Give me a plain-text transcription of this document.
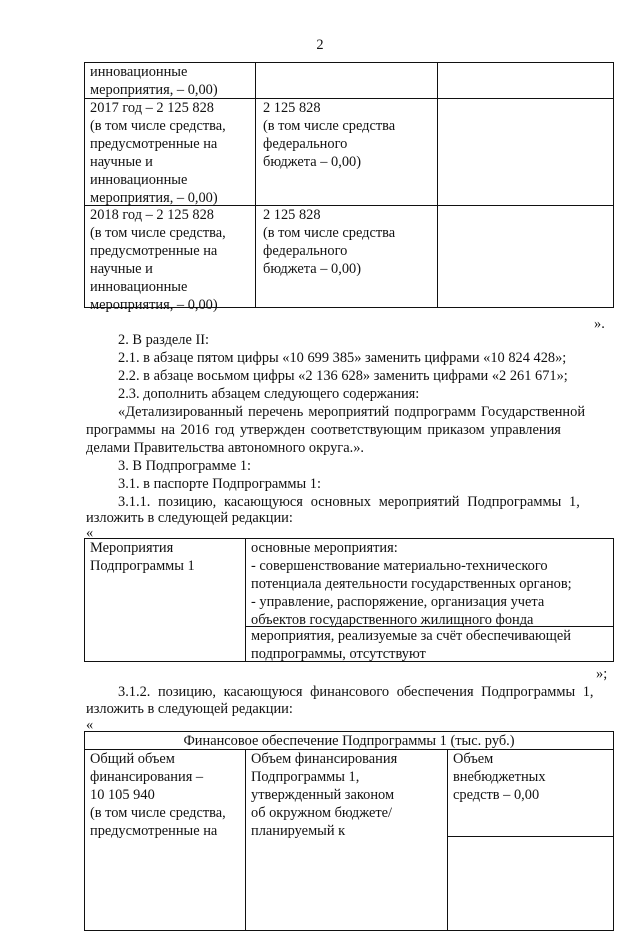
2
инновационные
мероприятия, – 0,00)
2017 год – 2 125 828
(в том числе средства,
предусмотренные на
научные и
инновационные
мероприятия, – 0,00)
2 125 828
(в том числе средства
федерального
бюджета – 0,00)
2018 год – 2 125 828
(в том числе средства,
предусмотренные на
научные и
инновационные
мероприятия, – 0,00)
2 125 828
(в том числе средства
федерального
бюджета – 0,00)
».
2. В разделе II:
2.1. в абзаце пятом цифры «10 699 385» заменить цифрами «10 824 428»;
2.2. в абзаце восьмом цифры «2 136 628» заменить цифрами «2 261 671»;
2.3. дополнить абзацем следующего содержания:
«Детализированный перечень мероприятий подпрограмм Государственной
программы на 2016 год утвержден соответствующим приказом управления
делами Правительства автономного округа.».
3. В Подпрограмме 1:
3.1. в паспорте Подпрограммы 1:
3.1.1. позицию, касающуюся основных мероприятий Подпрограммы 1,
изложить в следующей редакции:
«
Мероприятия
Подпрограммы 1
основные мероприятия:
- совершенствование материально-технического
потенциала деятельности государственных органов;
- управление, распоряжение, организация учета
объектов государственного жилищного фонда
мероприятия, реализуемые за счёт обеспечивающей
подпрограммы, отсутствуют
»;
3.1.2. позицию, касающуюся финансового обеспечения Подпрограммы 1,
изложить в следующей редакции:
«
Финансовое обеспечение Подпрограммы 1 (тыс. руб.)
Общий объем
финансирования –
10 105 940
(в том числе средства,
предусмотренные на
Объем финансирования
Подпрограммы 1,
утвержденный законом
об окружном бюджете/
планируемый к
Объем
внебюджетных
средств – 0,00
